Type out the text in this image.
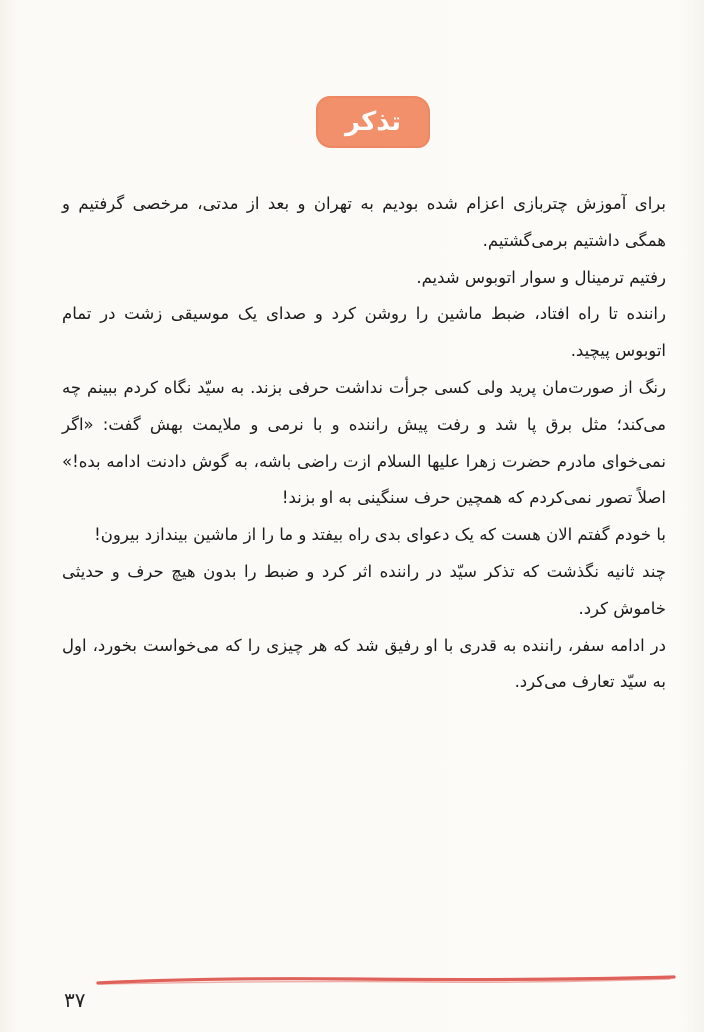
تذکر

برای آموزش چتربازی اعزام شده بودیم به تهران و بعد از مدتی، مرخصی گرفتیم و همگی داشتیم برمی‌گشتیم.

رفتیم ترمینال و سوار اتوبوس شدیم.

راننده تا راه افتاد، ضبط ماشین را روشن کرد و صدای یک موسیقی زشت در تمام اتوبوس پیچید.

رنگ از صورت‌مان پرید ولی کسی جرأت نداشت حرفی بزند. به سیّد نگاه کردم ببینم چه می‌کند؛ مثل برق پا شد و رفت پیش راننده و با نرمی و ملایمت بهش گفت: «اگر نمی‌خوای مادرم حضرت زهرا علیها السلام ازت راضی باشه، به گوش دادنت ادامه بده!» اصلاً تصور نمی‌کردم که همچین حرف سنگینی به او بزند!

با خودم گفتم الان هست که یک دعوای بدی راه بیفتد و ما را از ماشین بیندازد بیرون!

چند ثانیه نگذشت که تذکر سیّد در راننده اثر کرد و ضبط را بدون هیچ حرف و حدیثی خاموش کرد.

در ادامه سفر، راننده به قدری با او رفیق شد که هر چیزی را که می‌خواست بخورد، اول به سیّد تعارف می‌کرد.

۳۷
